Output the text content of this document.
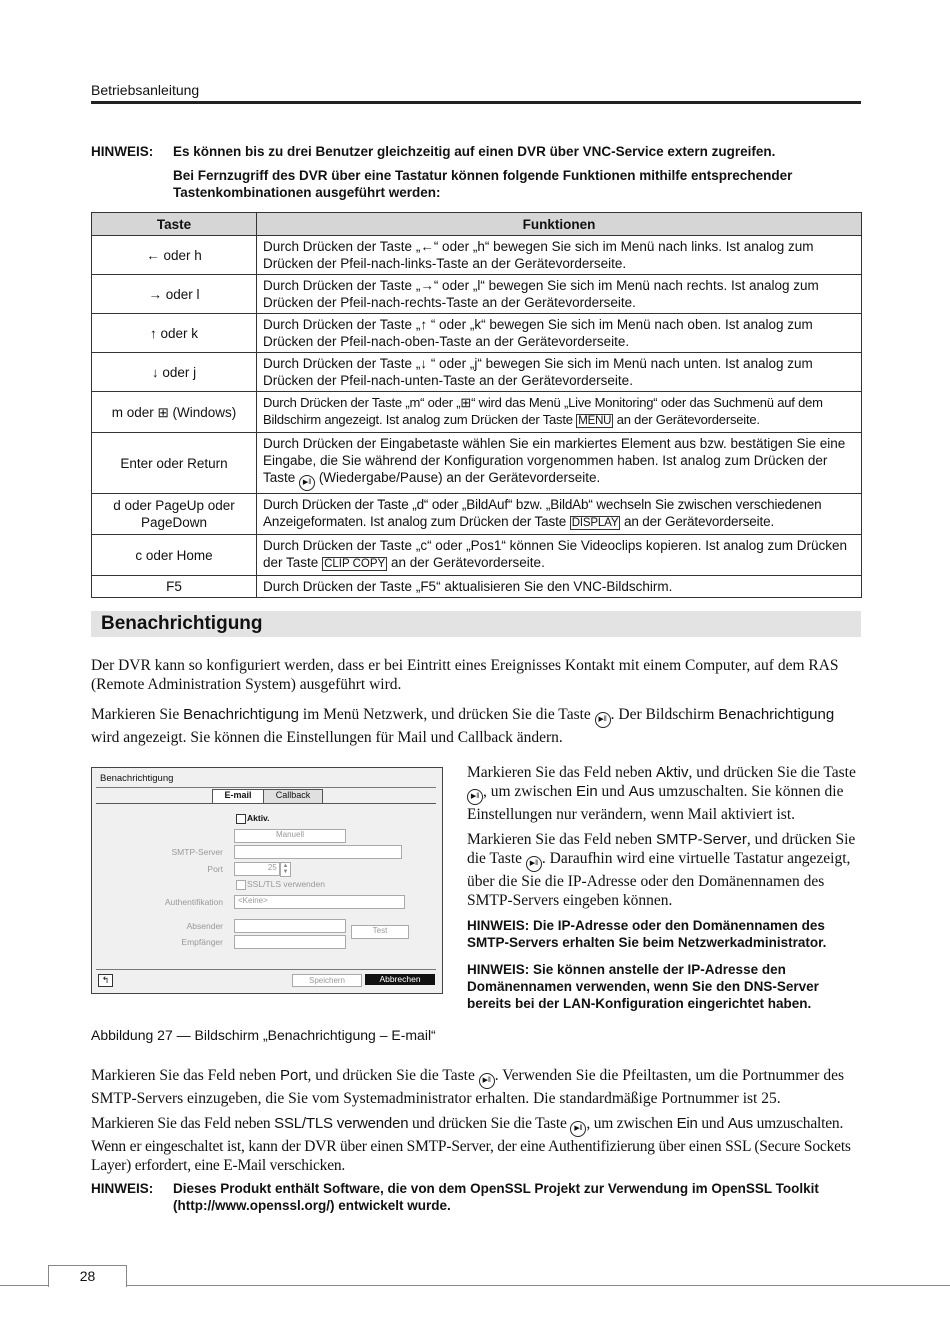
Betriebsanleitung
HINWEIS: Es können bis zu drei Benutzer gleichzeitig auf einen DVR über VNC-Service extern zugreifen.
Bei Fernzugriff des DVR über eine Tastatur können folgende Funktionen mithilfe entsprechender Tastenkombinationen ausgeführt werden:
Taste	Funktionen
← oder h	Durch Drücken der Taste „←“ oder „h“ bewegen Sie sich im Menü nach links. Ist analog zum Drücken der Pfeil-nach-links-Taste an der Gerätevorderseite.
→ oder l	Durch Drücken der Taste „→“ oder „l“ bewegen Sie sich im Menü nach rechts. Ist analog zum Drücken der Pfeil-nach-rechts-Taste an der Gerätevorderseite.
↑ oder k	Durch Drücken der Taste „↑ “ oder „k“ bewegen Sie sich im Menü nach oben. Ist analog zum Drücken der Pfeil-nach-oben-Taste an der Gerätevorderseite.
↓ oder j	Durch Drücken der Taste „↓ “ oder „j“ bewegen Sie sich im Menü nach unten. Ist analog zum Drücken der Pfeil-nach-unten-Taste an der Gerätevorderseite.
m oder ⊞ (Windows)	Durch Drücken der Taste „m“ oder „⊞“ wird das Menü „Live Monitoring“ oder das Suchmenü auf dem Bildschirm angezeigt. Ist analog zum Drücken der Taste MENU an der Gerätevorderseite.
Enter oder Return	Durch Drücken der Eingabetaste wählen Sie ein markiertes Element aus bzw. bestätigen Sie eine Eingabe, die Sie während der Konfiguration vorgenommen haben. Ist analog zum Drücken der Taste ▶‖ (Wiedergabe/Pause) an der Gerätevorderseite.
d oder PageUp oder PageDown	Durch Drücken der Taste „d“ oder „BildAuf“ bzw. „BildAb“ wechseln Sie zwischen verschiedenen Anzeigeformaten. Ist analog zum Drücken der Taste DISPLAY an der Gerätevorderseite.
c oder Home	Durch Drücken der Taste „c“ oder „Pos1“ können Sie Videoclips kopieren. Ist analog zum Drücken der Taste CLIP COPY an der Gerätevorderseite.
F5	Durch Drücken der Taste „F5“ aktualisieren Sie den VNC-Bildschirm.
Benachrichtigung
Der DVR kann so konfiguriert werden, dass er bei Eintritt eines Ereignisses Kontakt mit einem Computer, auf dem RAS (Remote Administration System) ausgeführt wird.
Markieren Sie Benachrichtigung im Menü Netzwerk, und drücken Sie die Taste ▶‖ . Der Bildschirm Benachrichtigung wird angezeigt. Sie können die Einstellungen für Mail und Callback ändern.
Benachrichtigung
E-mail	Callback
Aktiv.
Manuell
SMTP-Server
Port	25 ▲
▼
SSL/TLS verwenden
Authentifikation	<Keine>
Absender	Test
Empfänger
↰	Speichern	Abbrechen
Markieren Sie das Feld neben Aktiv, und drücken Sie die Taste ▶‖ , um zwischen Ein und Aus umzuschalten. Sie können die Einstellungen nur verändern, wenn Mail aktiviert ist.
Markieren Sie das Feld neben SMTP-Server, und drücken Sie die Taste ▶‖ . Daraufhin wird eine virtuelle Tastatur angezeigt, über die Sie die IP-Adresse oder den Domänennamen des SMTP-Servers eingeben können.
HINWEIS: Die IP-Adresse oder den Domänennamen des SMTP-Servers erhalten Sie beim Netzwerkadministrator.
HINWEIS: Sie können anstelle der IP-Adresse den Domänennamen verwenden, wenn Sie den DNS-Server bereits bei der LAN-Konfiguration eingerichtet haben.
Abbildung 27 — Bildschirm „Benachrichtigung – E-mail“
Markieren Sie das Feld neben Port, und drücken Sie die Taste ▶‖ . Verwenden Sie die Pfeiltasten, um die Portnummer des SMTP-Servers einzugeben, die Sie vom Systemadministrator erhalten. Die standardmäßige Portnummer ist 25.
Markieren Sie das Feld neben SSL/TLS verwenden und drücken Sie die Taste ▶‖ , um zwischen Ein und Aus umzuschalten. Wenn er eingeschaltet ist, kann der DVR über einen SMTP-Server, der eine Authentifizierung über einen SSL (Secure Sockets Layer) erfordert, eine E-Mail verschicken.
HINWEIS: Dieses Produkt enthält Software, die von dem OpenSSL Projekt zur Verwendung im OpenSSL Toolkit (http://www.openssl.org/) entwickelt wurde.
28
